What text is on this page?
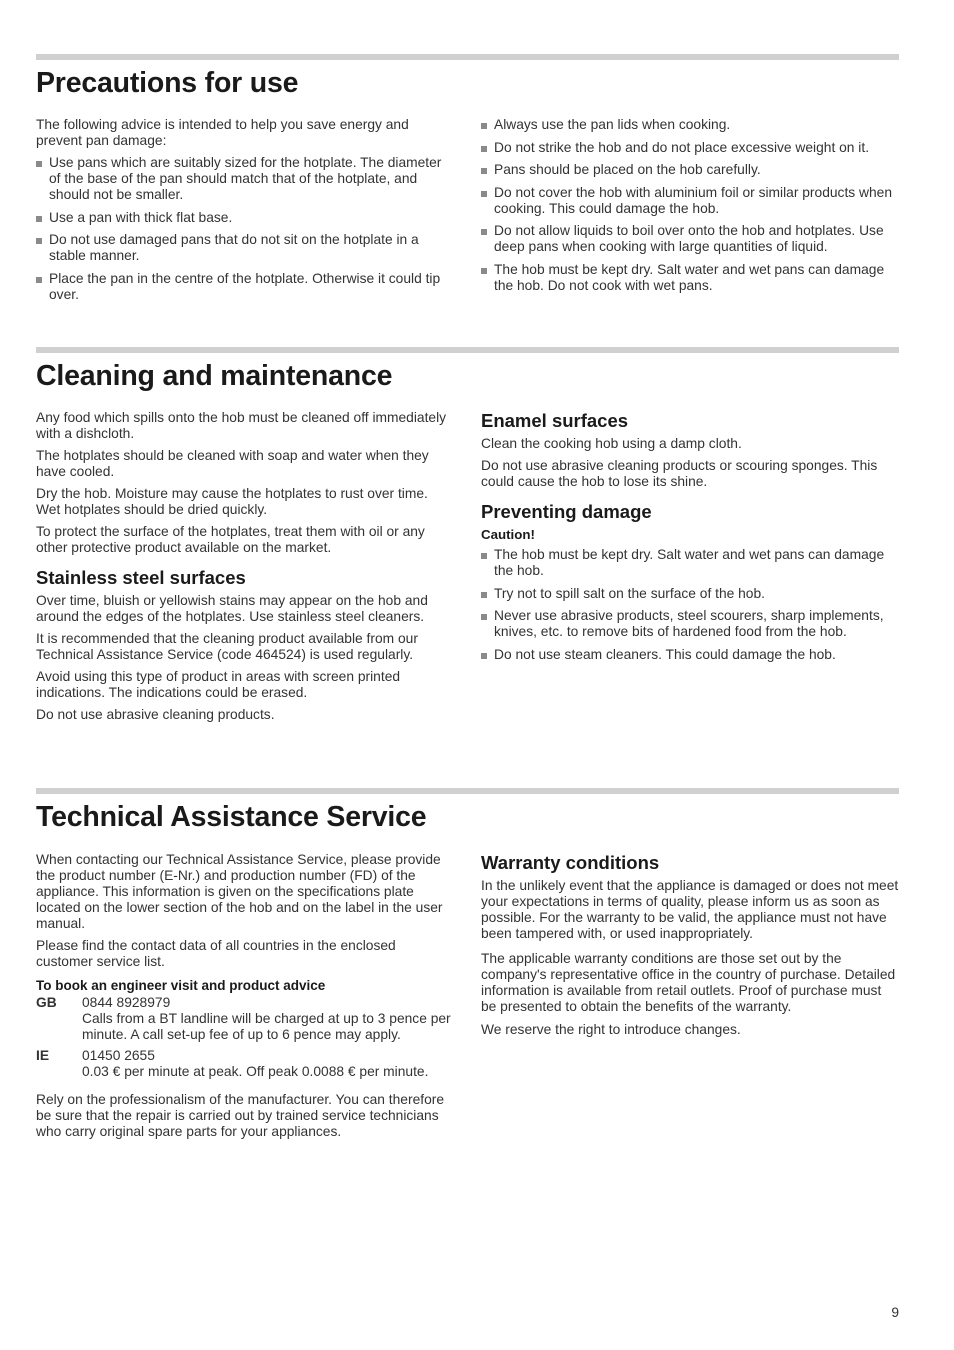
Precautions for use

The following advice is intended to help you save energy and prevent pan damage:

Use pans which are suitably sized for the hotplate. The diameter of the base of the pan should match that of the hotplate, and should not be smaller.
Use a pan with thick flat base.
Do not use damaged pans that do not sit on the hotplate in a stable manner.
Place the pan in the centre of the hotplate. Otherwise it could tip over.
Always use the pan lids when cooking.
Do not strike the hob and do not place excessive weight on it.
Pans should be placed on the hob carefully.
Do not cover the hob with aluminium foil or similar products when cooking. This could damage the hob.
Do not allow liquids to boil over onto the hob and hotplates. Use deep pans when cooking with large quantities of liquid.
The hob must be kept dry. Salt water and wet pans can damage the hob. Do not cook with wet pans.
Cleaning and maintenance

Any food which spills onto the hob must be cleaned off immediately with a dishcloth.

The hotplates should be cleaned with soap and water when they have cooled.

Dry the hob. Moisture may cause the hotplates to rust over time. Wet hotplates should be dried quickly.

To protect the surface of the hotplates, treat them with oil or any other protective product available on the market.

Stainless steel surfaces

Over time, bluish or yellowish stains may appear on the hob and around the edges of the hotplates. Use stainless steel cleaners.

It is recommended that the cleaning product available from our Technical Assistance Service (code 464524) is used regularly.

Avoid using this type of product in areas with screen printed indications. The indications could be erased.

Do not use abrasive cleaning products.

Enamel surfaces

Clean the cooking hob using a damp cloth.

Do not use abrasive cleaning products or scouring sponges. This could cause the hob to lose its shine.

Preventing damage
Caution!
The hob must be kept dry. Salt water and wet pans can damage the hob.
Try not to spill salt on the surface of the hob.
Never use abrasive products, steel scourers, sharp implements, knives, etc. to remove bits of hardened food from the hob.
Do not use steam cleaners. This could damage the hob.
Technical Assistance Service

When contacting our Technical Assistance Service, please provide the product number (E-Nr.) and production number (FD) of the appliance. This information is given on the specifications plate located on the lower section of the hob and on the label in the user manual.

Please find the contact data of all countries in the enclosed customer service list.

To book an engineer visit and product advice
GB	0844 8928979
Calls from a BT landline will be charged at up to 3 pence per minute. A call set-up fee of up to 6 pence may apply.
IE	01450 2655
0.03 € per minute at peak. Off peak 0.0088 € per minute.

Rely on the professionalism of the manufacturer. You can therefore be sure that the repair is carried out by trained service technicians who carry original spare parts for your appliances.

Warranty conditions

In the unlikely event that the appliance is damaged or does not meet your expectations in terms of quality, please inform us as soon as possible. For the warranty to be valid, the appliance must not have been tampered with, or used inappropriately.

The applicable warranty conditions are those set out by the company's representative office in the country of purchase. Detailed information is available from retail outlets. Proof of purchase must be presented to obtain the benefits of the warranty.

We reserve the right to introduce changes.

9
